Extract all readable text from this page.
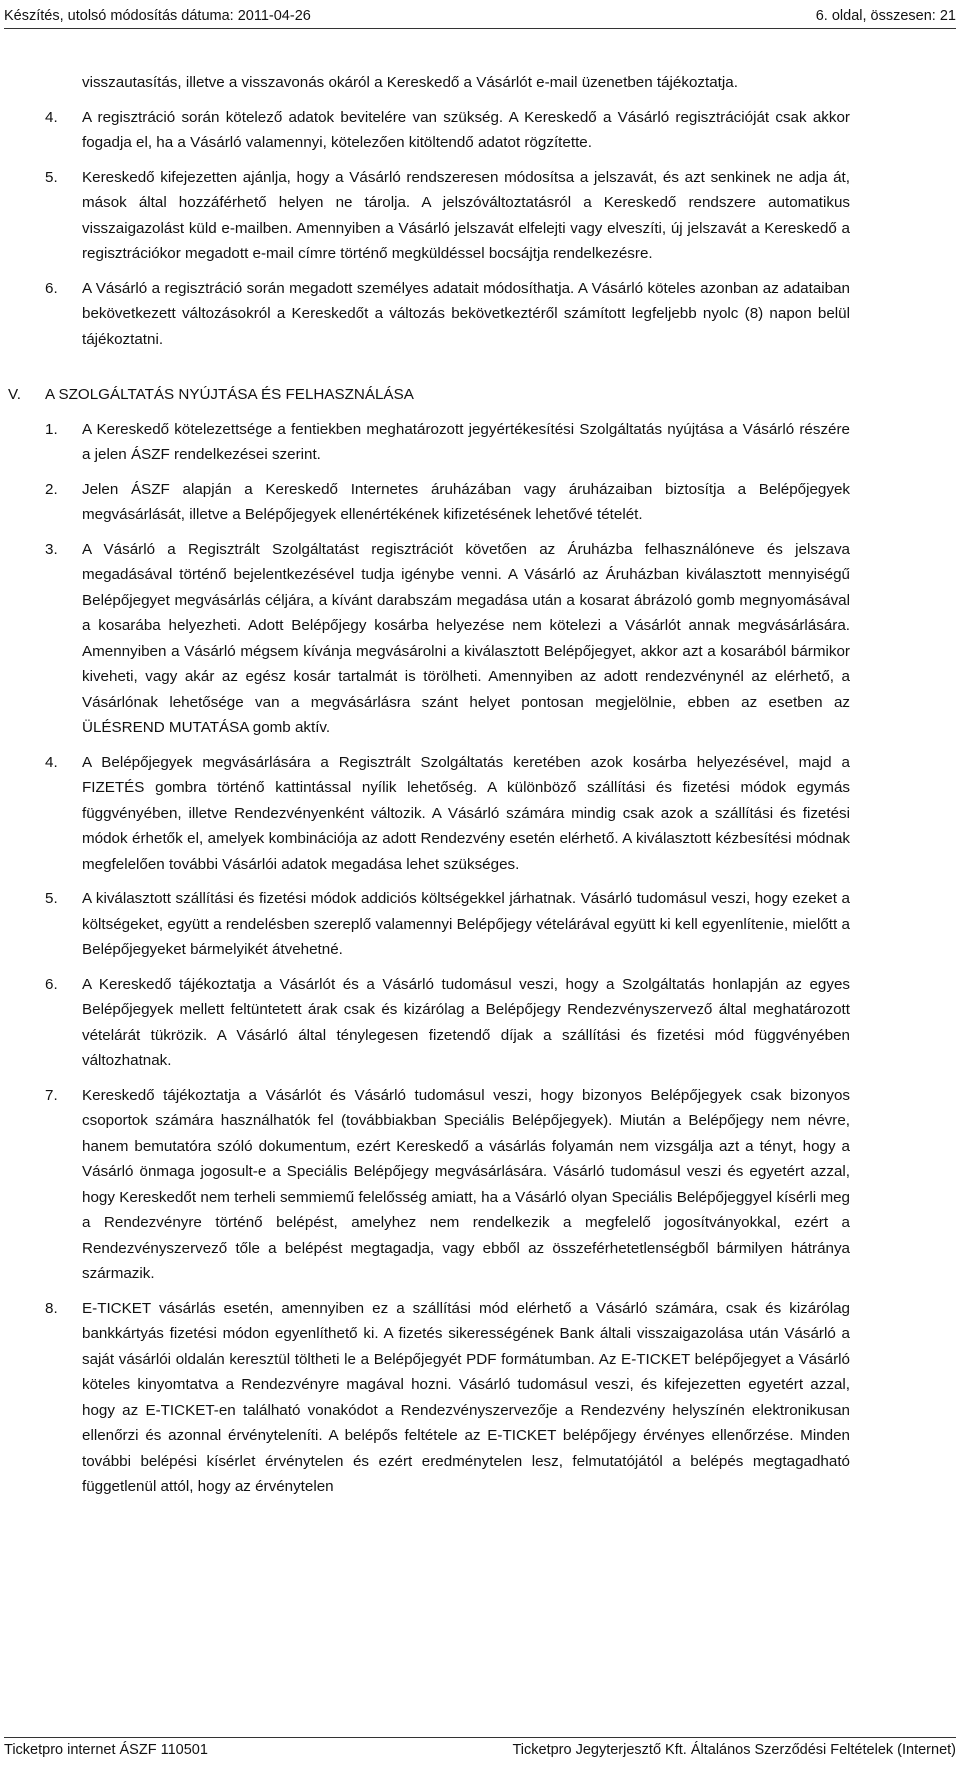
Készítés, utolsó módosítás dátuma: 2011-04-26	6. oldal, összesen: 21

visszautasítás, illetve a visszavonás okáról a Kereskedő a Vásárlót e-mail üzenetben tájékoztatja.

4.	A regisztráció során kötelező adatok bevitelére van szükség. A Kereskedő a Vásárló regisztrációját csak akkor fogadja el, ha a Vásárló valamennyi, kötelezően kitöltendő adatot rögzítette.

5.	Kereskedő kifejezetten ajánlja, hogy a Vásárló rendszeresen módosítsa a jelszavát, és azt senkinek ne adja át, mások által hozzáférhető helyen ne tárolja. A jelszóváltoztatásról a Kereskedő rendszere automatikus visszaigazolást küld e-mailben. Amennyiben a Vásárló jelszavát elfelejti vagy elveszíti, új jelszavát a Kereskedő a regisztrációkor megadott e-mail címre történő megküldéssel bocsájtja rendelkezésre.

6.	A Vásárló a regisztráció során megadott személyes adatait módosíthatja. A Vásárló köteles azonban az adataiban bekövetkezett változásokról a Kereskedőt a változás bekövetkeztéről számított legfeljebb nyolc (8) napon belül tájékoztatni.

V. A SZOLGÁLTATÁS NYÚJTÁSA ÉS FELHASZNÁLÁSA

1.	A Kereskedő kötelezettsége a fentiekben meghatározott jegyértékesítési Szolgáltatás nyújtása a Vásárló részére a jelen ÁSZF rendelkezései szerint.

2.	Jelen ÁSZF alapján a Kereskedő Internetes áruházában vagy áruházaiban biztosítja a Belépőjegyek megvásárlását, illetve a Belépőjegyek ellenértékének kifizetésének lehetővé tételét.

3.	A Vásárló a Regisztrált Szolgáltatást regisztrációt követően az Áruházba felhasználóneve és jelszava megadásával történő bejelentkezésével tudja igénybe venni. A Vásárló az Áruházban kiválasztott mennyiségű Belépőjegyet megvásárlás céljára, a kívánt darabszám megadása után a kosarat ábrázoló gomb megnyomásával a kosarába helyezheti. Adott Belépőjegy kosárba helyezése nem kötelezi a Vásárlót annak megvásárlására. Amennyiben a Vásárló mégsem kívánja megvásárolni a kiválasztott Belépőjegyet, akkor azt a kosarából bármikor kiveheti, vagy akár az egész kosár tartalmát is törölheti. Amennyiben az adott rendezvénynél az elérhető, a Vásárlónak lehetősége van a megvásárlásra szánt helyet pontosan megjelölnie, ebben az esetben az ÜLÉSREND MUTATÁSA gomb aktív.

4.	A Belépőjegyek megvásárlására a Regisztrált Szolgáltatás keretében azok kosárba helyezésével, majd a FIZETÉS gombra történő kattintással nyílik lehetőség. A különböző szállítási és fizetési módok egymás függvényében, illetve Rendezvényenként változik. A Vásárló számára mindig csak azok a szállítási és fizetési módok érhetők el, amelyek kombinációja az adott Rendezvény esetén elérhető. A kiválasztott kézbesítési módnak megfelelően további Vásárlói adatok megadása lehet szükséges.

5.	A kiválasztott szállítási és fizetési módok addiciós költségekkel járhatnak. Vásárló tudomásul veszi, hogy ezeket a költségeket, együtt a rendelésben szereplő valamennyi Belépőjegy vételárával együtt ki kell egyenlítenie, mielőtt a Belépőjegyeket bármelyikét átvehetné.

6.	A Kereskedő tájékoztatja a Vásárlót és a Vásárló tudomásul veszi, hogy a Szolgáltatás honlapján az egyes Belépőjegyek mellett feltüntetett árak csak és kizárólag a Belépőjegy Rendezvényszervező által meghatározott vételárát tükrözik. A Vásárló által ténylegesen fizetendő díjak a szállítási és fizetési mód függvényében változhatnak.

7.	Kereskedő tájékoztatja a Vásárlót és Vásárló tudomásul veszi, hogy bizonyos Belépőjegyek csak bizonyos csoportok számára használhatók fel (továbbiakban Speciális Belépőjegyek). Miután a Belépőjegy nem névre, hanem bemutatóra szóló dokumentum, ezért Kereskedő a vásárlás folyamán nem vizsgálja azt a tényt, hogy a Vásárló önmaga jogosult-e a Speciális Belépőjegy megvásárlására. Vásárló tudomásul veszi és egyetért azzal, hogy Kereskedőt nem terheli semmiemű felelősség amiatt, ha a Vásárló olyan Speciális Belépőjeggyel kísérli meg a Rendezvényre történő belépést, amelyhez nem rendelkezik a megfelelő jogosítványokkal, ezért a Rendezvényszervező tőle a belépést megtagadja, vagy ebből az összeférhetetlenségből bármilyen hátránya származik.

8.	E-TICKET vásárlás esetén, amennyiben ez a szállítási mód elérhető a Vásárló számára, csak és kizárólag bankkártyás fizetési módon egyenlíthető ki. A fizetés sikerességének Bank általi visszaigazolása után Vásárló a saját vásárlói oldalán keresztül töltheti le a Belépőjegyét PDF formátumban. Az E-TICKET belépőjegyet a Vásárló köteles kinyomtatva a Rendezvényre magával hozni. Vásárló tudomásul veszi, és kifejezetten egyetért azzal, hogy az E-TICKET-en található vonakódot a Rendezvényszervezője a Rendezvény helyszínén elektronikusan ellenőrzi és azonnal érvényteleníti. A belépős feltétele az E-TICKET belépőjegy érvényes ellenőrzése. Minden további belépési kísérlet érvénytelen és ezért eredménytelen lesz, felmutatójától a belépés megtagadható függetlenül attól, hogy az érvénytelen

Ticketpro internet ÁSZF 110501	Ticketpro Jegyterjesztő Kft. Általános Szerződési Feltételek (Internet)
